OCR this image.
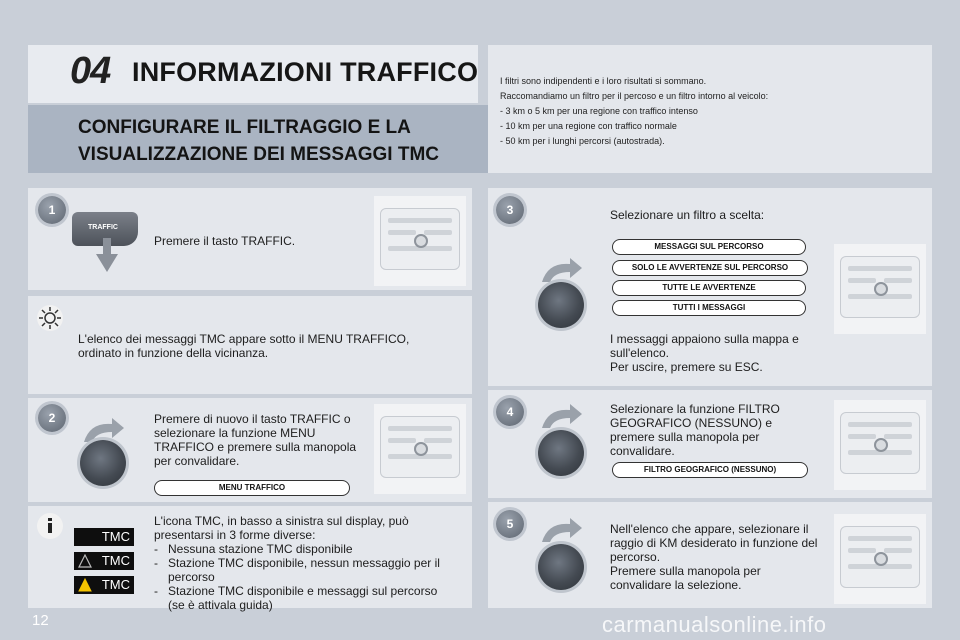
04 INFORMAZIONI TRAFFICO
CONFIGURARE IL FILTRAGGIO E LA VISUALIZZAZIONE DEI MESSAGGI TMC
I filtri sono indipendenti e i loro risultati si sommano.
Raccomandiamo un filtro per il percoso e un filtro intorno al veicolo:
- 3 km o 5 km per una regione con traffico intenso
- 10 km per una regione con traffico normale
- 50 km per i lunghi percorsi (autostrada).
1
TRAFFIC
Premere il tasto TRAFFIC.
L'elenco dei messaggi TMC appare sotto il MENU TRAFFICO, ordinato in funzione della vicinanza.
2	Premere di nuovo il tasto TRAFFIC o selezionare la funzione MENU TRAFFICO e premere sulla manopola per convalidare.
MENU TRAFFICO
TMC
TMC
TMC
L'icona TMC, in basso a sinistra sul display, può presentarsi in 3 forme diverse:
- Nessuna stazione TMC disponibile
- Stazione TMC disponibile, nessun messaggio per il percorso
- Stazione TMC disponibile e messaggi sul percorso (se è attivala guida)
3	Selezionare un filtro a scelta:
MESSAGGI SUL PERCORSO
SOLO LE AVVERTENZE SUL PERCORSO
TUTTE LE AVVERTENZE
TUTTI I MESSAGGI
I messaggi appaiono sulla mappa e sull'elenco.
Per uscire, premere su ESC.
4	Selezionare la funzione FILTRO GEOGRAFICO (NESSUNO) e premere sulla manopola per convalidare.
FILTRO GEOGRAFICO (NESSUNO)
5	Nell'elenco che appare, selezionare il raggio di KM desiderato in funzione del percorso.
Premere sulla manopola per convalidare la selezione.
12	carmanualsonline.info
